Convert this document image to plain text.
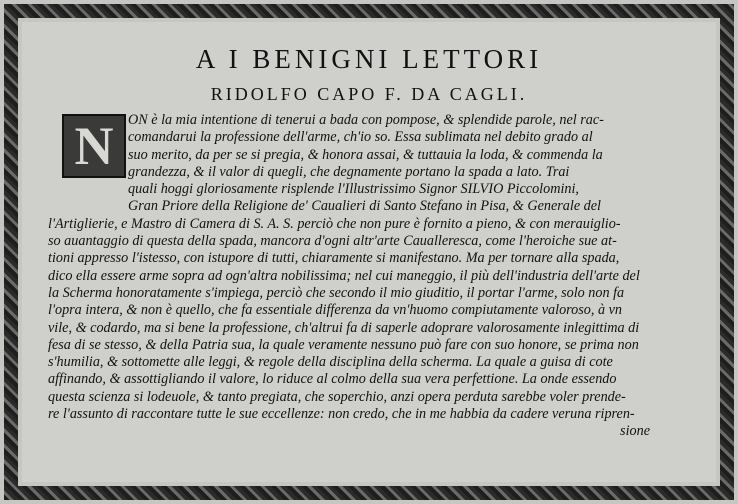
A I BENIGNI LETTORI
RIDOLFO CAPO F. DA CAGLI.
N	ON è la mia intentione di tenerui a bada con pompose, & splendide parole, nel rac-
comandarui la professione dell'arme, ch'io so. Essa sublimata nel debito grado al
suo merito, da per se si pregia, & honora assai, & tuttauia la loda, & commenda la
grandezza, & il valor di quegli, che degnamente portano la spada a lato. Trai
quali hoggi gloriosamente risplende l'Illustrissimo Signor SILVIO Piccolomini,
Gran Priore della Religione de' Caualieri di Santo Stefano in Pisa, & Generale del
l'Artiglierie, e Mastro di Camera di S. A. S. perciò che non pure è fornito a pieno, & con merauiglio-
so auantaggio di questa della spada, mancora d'ogni altr'arte Caualleresca, come l'heroiche sue at-
tioni appresso l'istesso, con istupore di tutti, chiaramente si manifestano. Ma per tornare alla spada,
dico ella essere arme sopra ad ogn'altra nobilissima; nel cui maneggio, il più dell'industria dell'arte del
la Scherma honoratamente s'impiega, perciò che secondo il mio giuditio, il portar l'arme, solo non fa
l'opra intera, & non è quello, che fa essentiale differenza da vn'huomo compiutamente valoroso, à vn
vile, & codardo, ma si bene la professione, ch'altrui fa di saperle adoprare valorosamente inlegittima di
fesa di se stesso, & della Patria sua, la quale veramente nessuno può fare con suo honore, se prima non
s'humilia, & sottomette alle leggi, & regole della disciplina della scherma. La quale a guisa di cote
affinando, & assottigliando il valore, lo riduce al colmo della sua vera perfettione. La onde essendo
questa scienza si lodeuole, & tanto pregiata, che soperchio, anzi opera perduta sarebbe voler prende-
re l'assunto di raccontare tutte le sue eccellenze: non credo, che in me habbia da cadere veruna ripren-
sione
